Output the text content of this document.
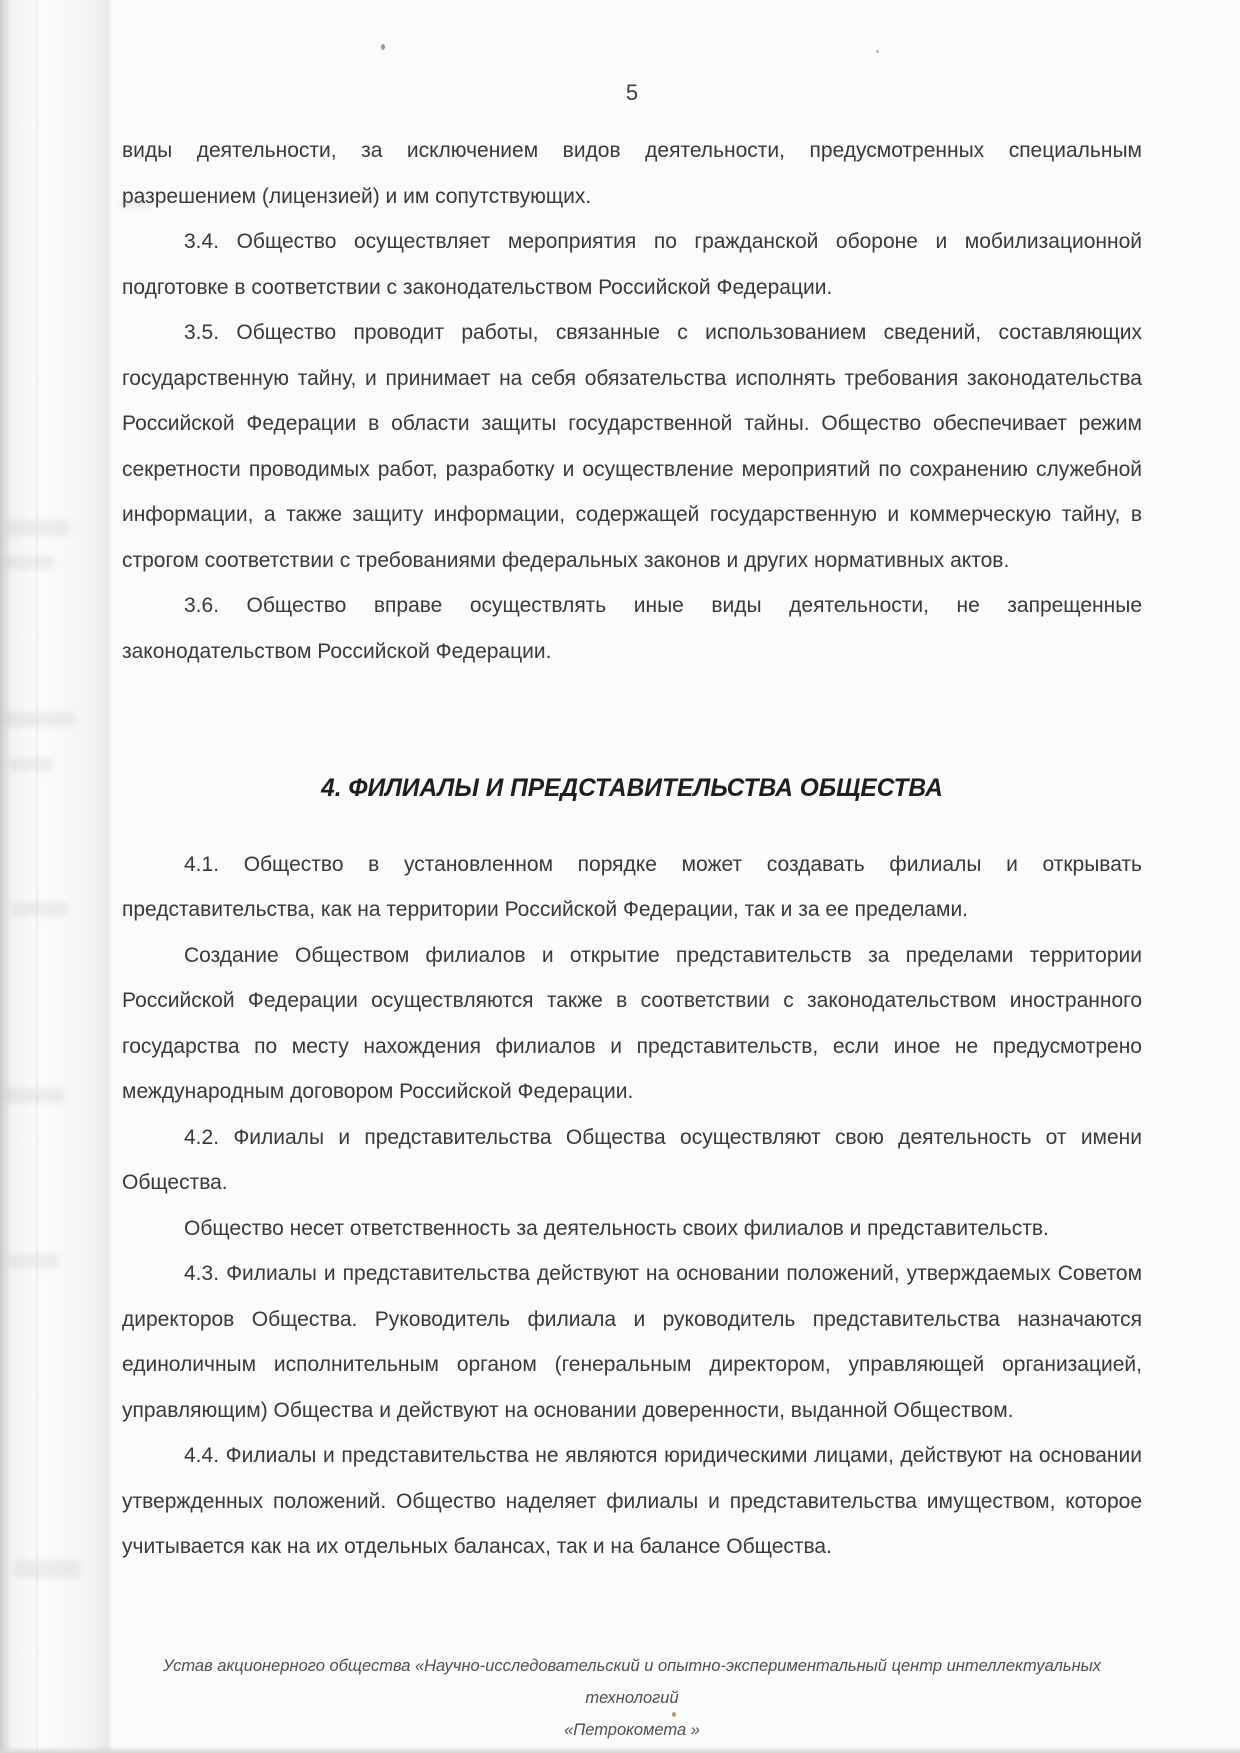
5

виды деятельности, за исключением видов деятельности, предусмотренных специальным разрешением (лицензией) и им сопутствующих.

3.4. Общество осуществляет мероприятия по гражданской обороне и мобилизационной подготовке в соответствии с законодательством Российской Федерации.

3.5. Общество проводит работы, связанные с использованием сведений, составляющих государственную тайну, и принимает на себя обязательства исполнять требования законодательства Российской Федерации в области защиты государственной тайны. Общество обеспечивает режим секретности проводимых работ, разработку и осуществление мероприятий по сохранению служебной информации, а также защиту информации, содержащей государственную и коммерческую тайну, в строгом соответствии с требованиями федеральных законов и других нормативных актов.

3.6. Общество вправе осуществлять иные виды деятельности, не запрещенные законодательством Российской Федерации.

4. ФИЛИАЛЫ И ПРЕДСТАВИТЕЛЬСТВА ОБЩЕСТВА

4.1. Общество в установленном порядке может создавать филиалы и открывать представительства, как на территории Российской Федерации, так и за ее пределами.

Создание Обществом филиалов и открытие представительств за пределами территории Российской Федерации осуществляются также в соответствии с законодательством иностранного государства по месту нахождения филиалов и представительств, если иное не предусмотрено международным договором Российской Федерации.

4.2. Филиалы и представительства Общества осуществляют свою деятельность от имени Общества.

Общество несет ответственность за деятельность своих филиалов и представительств.

4.3. Филиалы и представительства действуют на основании положений, утверждаемых Советом директоров Общества. Руководитель филиала и руководитель представительства назначаются единоличным исполнительным органом (генеральным директором, управляющей организацией, управляющим) Общества и действуют на основании доверенности, выданной Обществом.

4.4. Филиалы и представительства не являются юридическими лицами, действуют на основании утвержденных положений. Общество наделяет филиалы и представительства имуществом, которое учитывается как на их отдельных балансах, так и на балансе Общества.

Устав акционерного общества «Научно-исследовательский и опытно-экспериментальный центр интеллектуальных технологий
«Петрокомета »
